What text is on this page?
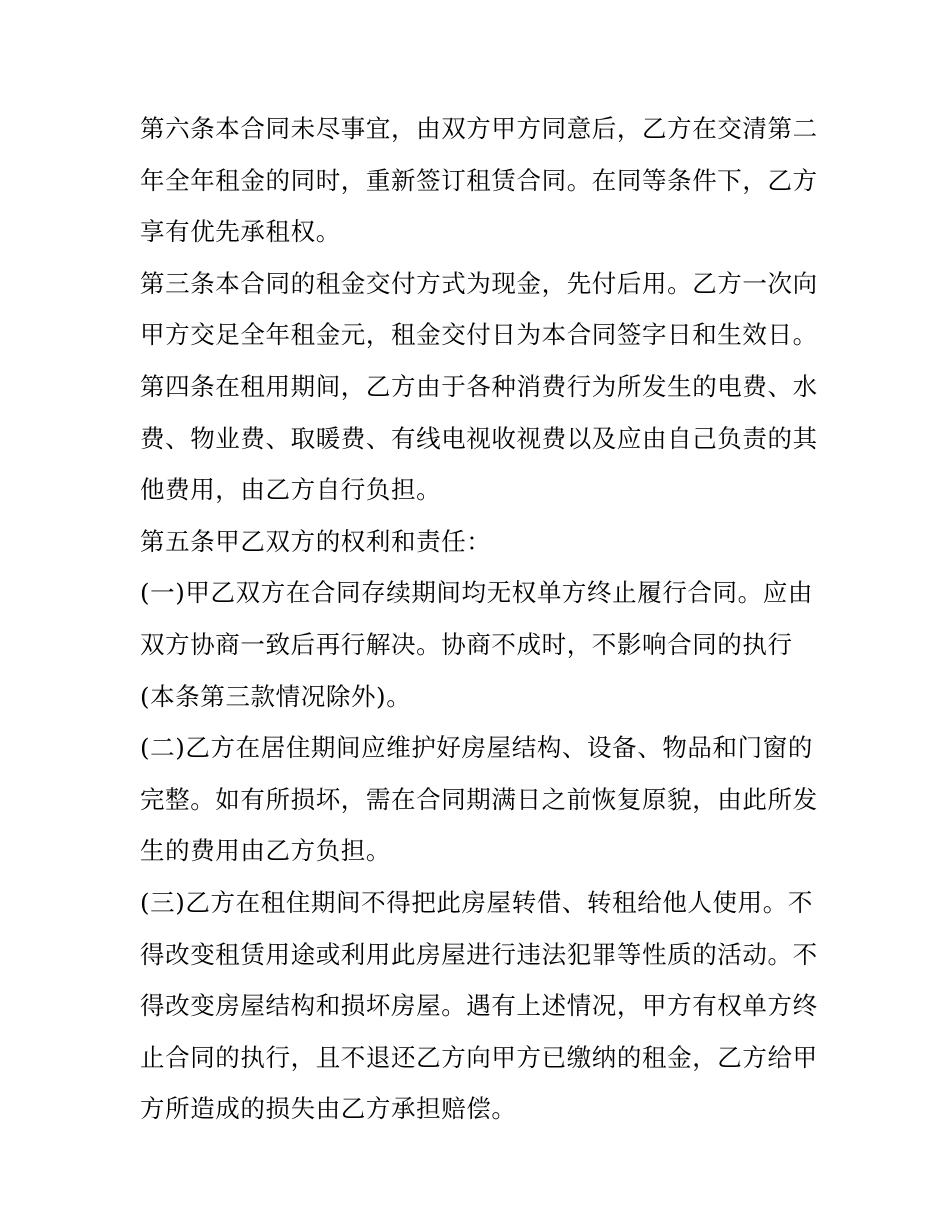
第六条本合同未尽事宜，由双方甲方同意后，乙方在交清第二
年全年租金的同时，重新签订租赁合同。在同等条件下，乙方
享有优先承租权。
第三条本合同的租金交付方式为现金，先付后用。乙方一次向
甲方交足全年租金元，租金交付日为本合同签字日和生效日。
第四条在租用期间，乙方由于各种消费行为所发生的电费、水
费、物业费、取暖费、有线电视收视费以及应由自己负责的其
他费用，由乙方自行负担。
第五条甲乙双方的权利和责任：
(一)甲乙双方在合同存续期间均无权单方终止履行合同。应由
双方协商一致后再行解决。协商不成时，不影响合同的执行
(本条第三款情况除外)。
(二)乙方在居住期间应维护好房屋结构、设备、物品和门窗的
完整。如有所损坏，需在合同期满日之前恢复原貌，由此所发
生的费用由乙方负担。
(三)乙方在租住期间不得把此房屋转借、转租给他人使用。不
得改变租赁用途或利用此房屋进行违法犯罪等性质的活动。不
得改变房屋结构和损坏房屋。遇有上述情况，甲方有权单方终
止合同的执行，且不退还乙方向甲方已缴纳的租金，乙方给甲
方所造成的损失由乙方承担赔偿。
